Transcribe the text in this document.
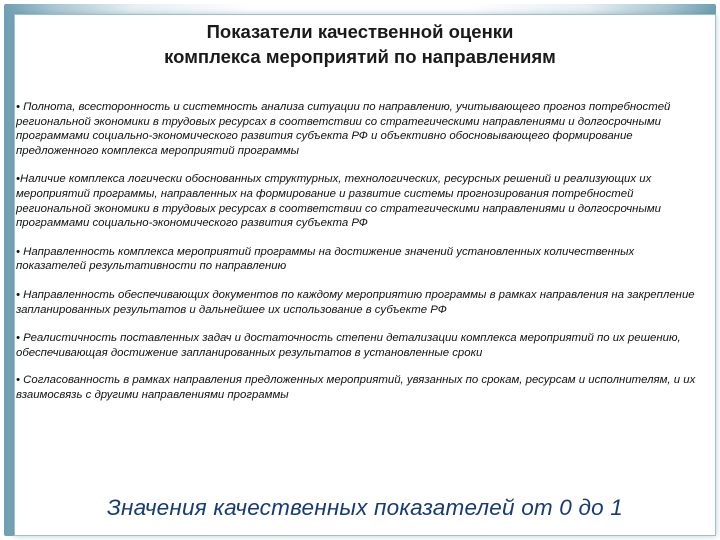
Показатели качественной оценки
комплекса мероприятий по направлениям
• Полнота, всесторонность и системность анализа ситуации по направлению, учитывающего прогноз потребностей региональной экономики в трудовых ресурсах в соответствии со стратегическими направлениями и долгосрочными программами социально-экономического развития субъекта РФ и объективно обосновывающего формирование предложенного комплекса мероприятий программы
•Наличие комплекса логически обоснованных структурных, технологических, ресурсных решений и реализующих их мероприятий программы, направленных на формирование и развитие системы прогнозирования потребностей региональной экономики в трудовых ресурсах в соответствии со стратегическими направлениями и долгосрочными программами социально-экономического развития субъекта РФ
• Направленность комплекса мероприятий программы на достижение значений установленных количественных показателей результативности по направлению
• Направленность обеспечивающих документов по каждому мероприятию программы в рамках направления на закрепление запланированных результатов и дальнейшее их использование в субъекте РФ
• Реалистичность поставленных задач и достаточность степени детализации комплекса мероприятий по их решению, обеспечивающая достижение запланированных результатов в установленные сроки
• Согласованность в рамках направления предложенных мероприятий, увязанных по срокам, ресурсам и исполнителям, и их взаимосвязь с другими направлениями программы
Значения качественных показателей от 0 до 1
